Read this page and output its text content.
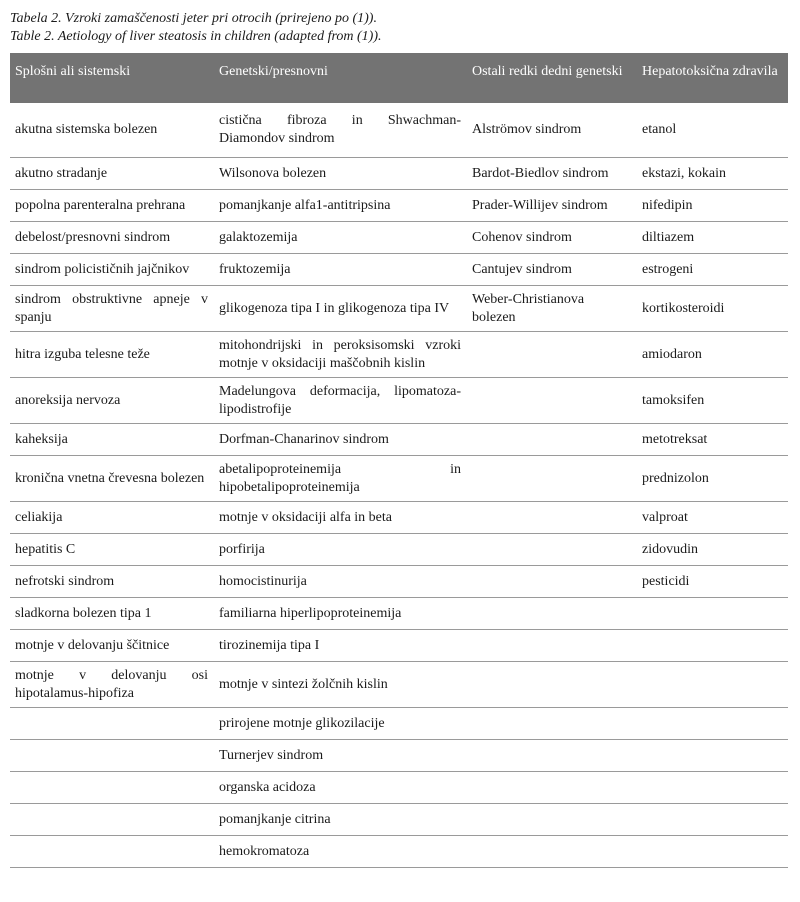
Tabela 2. Vzroki zamaščenosti jeter pri otrocih (prirejeno po (1)).

Table 2. Aetiology of liver steatosis in children (adapted from (1)).

Splošni ali sistemski	Genetski/presnovni	Ostali redki dedni genetski	Hepatotoksična zdravila

akutna sistemska bolezen	cistična fibroza in Shwachman-Diamondov sindrom	Alströmov sindrom	etanol

akutno stradanje	Wilsonova bolezen	Bardot-Biedlov sindrom	ekstazi, kokain

popolna parenteralna prehrana	pomanjkanje alfa1-antitripsina	Prader-Willijev sindrom	nifedipin

debelost/presnovni sindrom	galaktozemija	Cohenov sindrom	diltiazem

sindrom policističnih jajčnikov	fruktozemija	Cantujev sindrom	estrogeni

sindrom obstruktivne apneje v spanju	glikogenoza tipa I in glikogenoza tipa IV	Weber-Christianova bolezen	kortikosteroidi

hitra izguba telesne teže	mitohondrijski in peroksisomski vzroki motnje v oksidaciji maščobnih kislin		amiodaron

anoreksija nervoza	Madelungova deformacija, lipomatoza-lipodistrofije		tamoksifen

kaheksija	Dorfman-Chanarinov sindrom		metotreksat

kronična vnetna črevesna bolezen	abetalipoproteinemija in hipobetalipoproteinemija		prednizolon

celiakija	motnje v oksidaciji alfa in beta		valproat

hepatitis C	porfirija		zidovudin

nefrotski sindrom	homocistinurija		pesticidi

sladkorna bolezen tipa 1	familiarna hiperlipoproteinemija		

motnje v delovanju ščitnice	tirozinemija tipa I		

motnje v delovanju osi hipotalamus-hipofiza	motnje v sintezi žolčnih kislin		

	prirojene motnje glikozilacije		

	Turnerjev sindrom		

	organska acidoza		

	pomanjkanje citrina		

	hemokromatoza		
